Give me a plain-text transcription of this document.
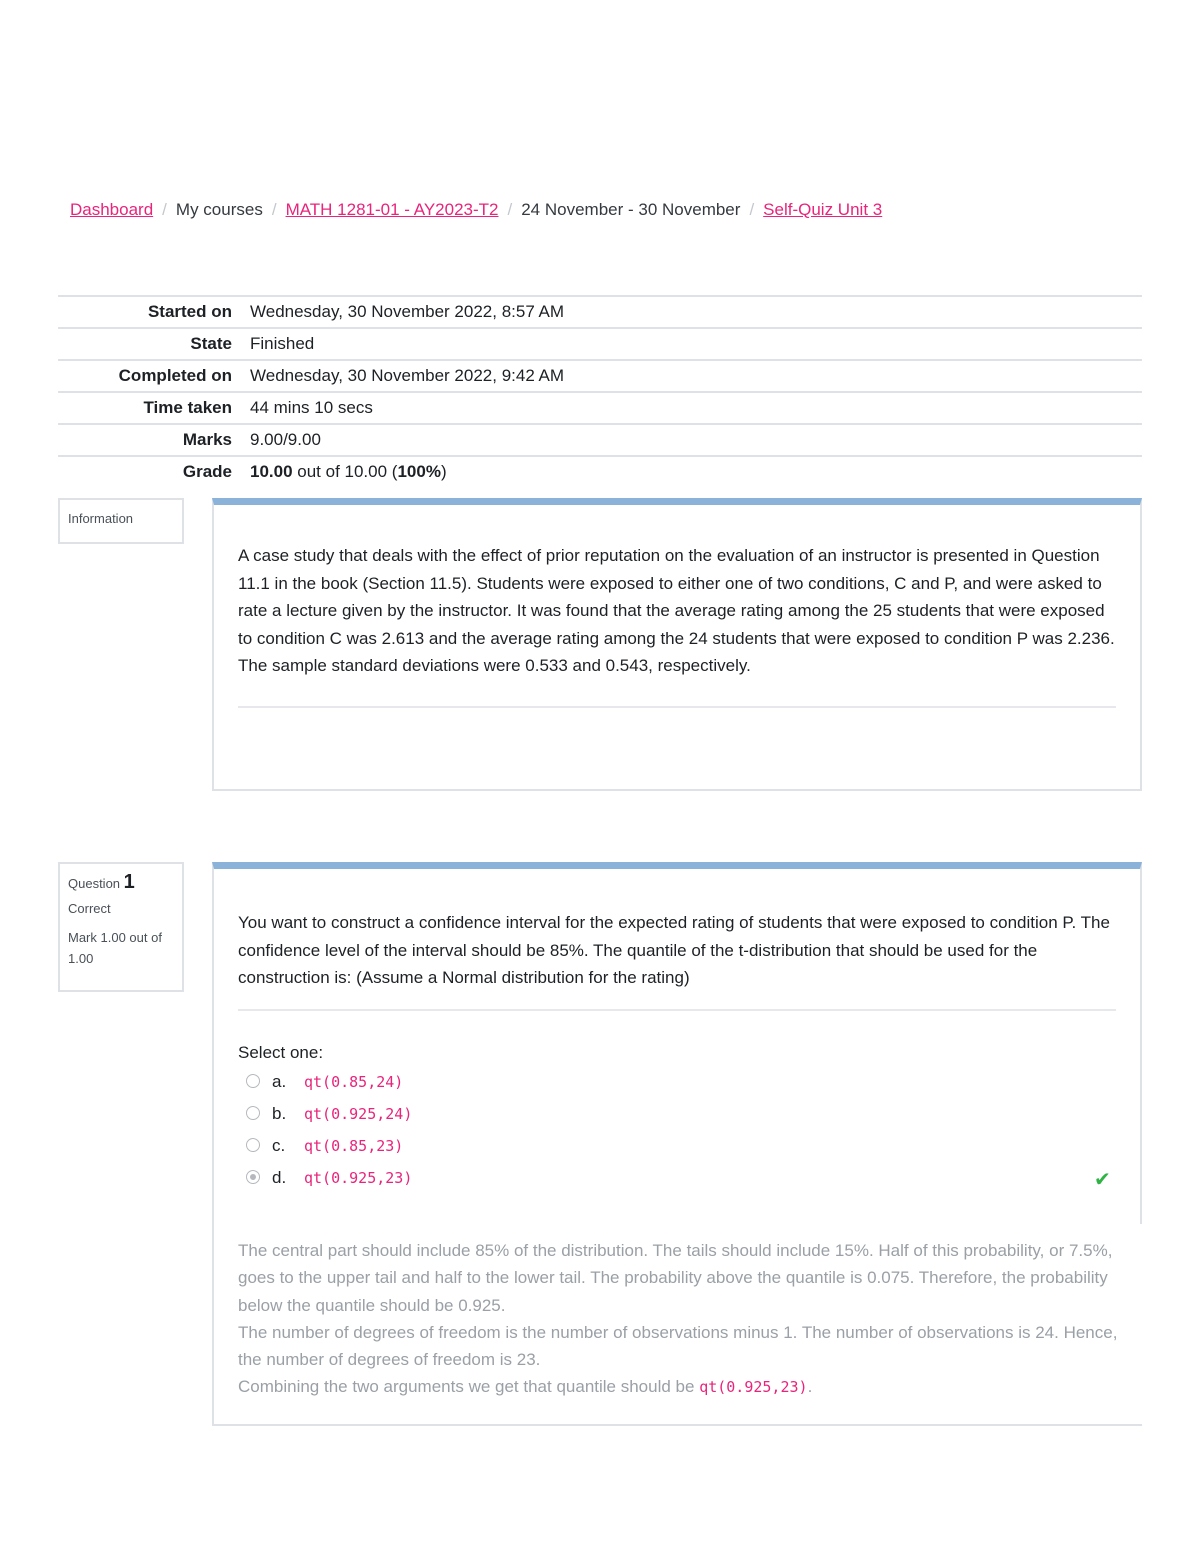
Dashboard / My courses / MATH 1281-01 - AY2023-T2 / 24 November - 30 November / Self-Quiz Unit 3
Started on	Wednesday, 30 November 2022, 8:57 AM
State	Finished
Completed on	Wednesday, 30 November 2022, 9:42 AM
Time taken	44 mins 10 secs
Marks	9.00/9.00
Grade	10.00 out of 10.00 (100%)
Information
A case study that deals with the effect of prior reputation on the evaluation of an instructor is presented in Question 11.1 in the book (Section 11.5). Students were exposed to either one of two conditions, C and P, and were asked to rate a lecture given by the instructor. It was found that the average rating among the 25 students that were exposed to condition C was 2.613 and the average rating among the 24 students that were exposed to condition P was 2.236. The sample standard deviations were 0.533 and 0.543, respectively.
Question 1
Correct
Mark 1.00 out of 1.00
You want to construct a confidence interval for the expected rating of students that were exposed to condition P. The confidence level of the interval should be 85%. The quantile of the t-distribution that should be used for the construction is: (Assume a Normal distribution for the rating)
Select one:
a. qt(0.85,24)
b. qt(0.925,24)
c. qt(0.85,23)
d. qt(0.925,23)	✔
The central part should include 85% of the distribution. The tails should include 15%. Half of this probability, or 7.5%, goes to the upper tail and half to the lower tail. The probability above the quantile is 0.075. Therefore, the probability below the quantile should be 0.925.
The number of degrees of freedom is the number of observations minus 1. The number of observations is 24. Hence, the number of degrees of freedom is 23.
Combining the two arguments we get that quantile should be qt(0.925,23).
